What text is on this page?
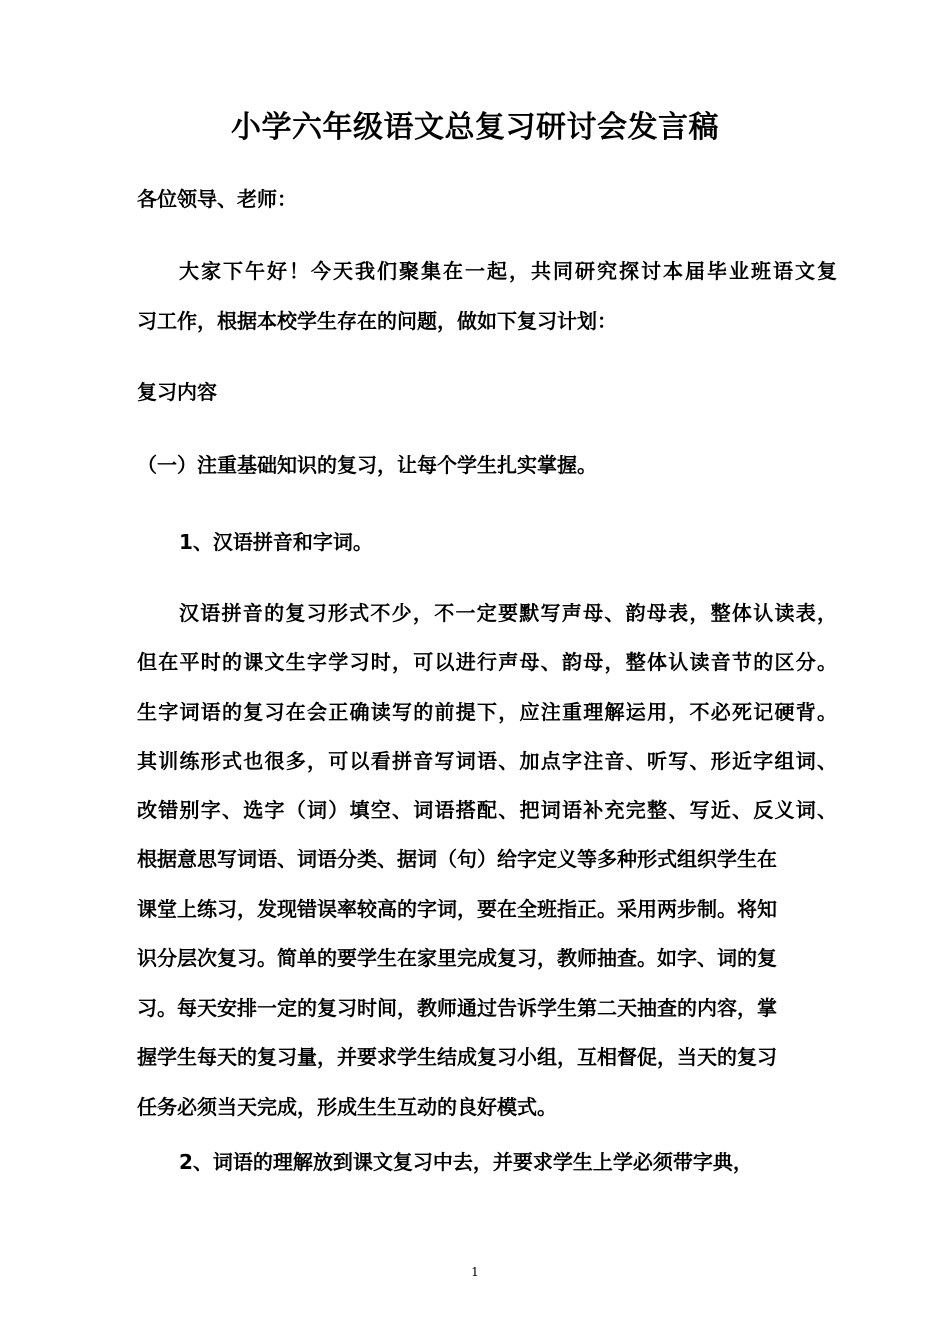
小学六年级语文总复习研讨会发言稿
各位领导、老师：
大家下午好！今天我们聚集在一起，共同研究探讨本届毕业班语文复
习工作，根据本校学生存在的问题，做如下复习计划：
复习内容
（一）注重基础知识的复习，让每个学生扎实掌握。
1、汉语拼音和字词。
汉语拼音的复习形式不少，不一定要默写声母、韵母表，整体认读表，
但在平时的课文生字学习时，可以进行声母、韵母，整体认读音节的区分。
生字词语的复习在会正确读写的前提下，应注重理解运用，不必死记硬背。
其训练形式也很多，可以看拼音写词语、加点字注音、听写、形近字组词、
改错别字、选字（词）填空、词语搭配、把词语补充完整、写近、反义词、
根据意思写词语、词语分类、据词（句）给字定义等多种形式组织学生在
课堂上练习，发现错误率较高的字词，要在全班指正。采用两步制。将知
识分层次复习。简单的要学生在家里完成复习，教师抽查。如字、词的复
习。每天安排一定的复习时间，教师通过告诉学生第二天抽查的内容，掌
握学生每天的复习量，并要求学生结成复习小组，互相督促，当天的复习
任务必须当天完成，形成生生互动的良好模式。
2、词语的理解放到课文复习中去，并要求学生上学必须带字典，
1
